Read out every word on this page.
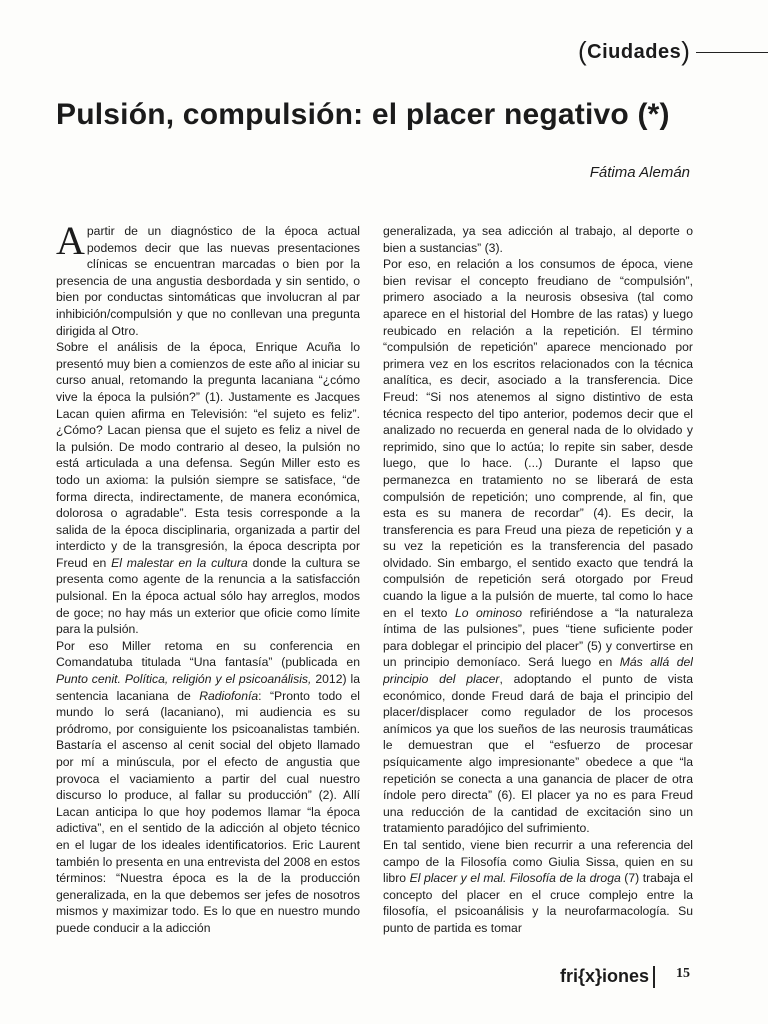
(Ciudades)
Pulsión, compulsión: el placer negativo (*)
Fátima Alemán

Apartir de un diagnóstico de la época actual podemos decir que las nuevas presentaciones clínicas se encuentran marcadas o bien por la presencia de una angustia desbordada y sin sentido, o bien por conductas sintomáticas que involucran al par inhibición/compulsión y que no conllevan una pregunta dirigida al Otro.

Sobre el análisis de la época, Enrique Acuña lo presentó muy bien a comienzos de este año al iniciar su curso anual, retomando la pregunta lacaniana “¿cómo vive la época la pulsión?” (1). Justamente es Jacques Lacan quien afirma en Televisión: “el sujeto es feliz”. ¿Cómo? Lacan piensa que el sujeto es feliz a nivel de la pulsión. De modo contrario al deseo, la pulsión no está articulada a una defensa. Según Miller esto es todo un axioma: la pulsión siempre se satisface, “de forma directa, indirectamente, de manera económica, dolorosa o agradable”. Esta tesis corresponde a la salida de la época disciplinaria, organizada a partir del interdicto y de la transgresión, la época descripta por Freud en El malestar en la cultura donde la cultura se presenta como agente de la renuncia a la satisfacción pulsional. En la época actual sólo hay arreglos, modos de goce; no hay más un exterior que oficie como límite para la pulsión.

Por eso Miller retoma en su conferencia en Comandatuba titulada “Una fantasía” (publicada en Punto cenit. Política, religión y el psicoanálisis, 2012) la sentencia lacaniana de Radiofonía: “Pronto todo el mundo lo será (lacaniano), mi audiencia es su pródromo, por consiguiente los psicoanalistas también. Bastaría el ascenso al cenit social del objeto llamado por mí a minúscula, por el efecto de angustia que provoca el vaciamiento a partir del cual nuestro discurso lo produce, al fallar su producción” (2). Allí Lacan anticipa lo que hoy podemos llamar “la época adictiva”, en el sentido de la adicción al objeto técnico en el lugar de los ideales identificatorios. Eric Laurent también lo presenta en una entrevista del 2008 en estos términos: “Nuestra época es la de la producción generalizada, en la que debemos ser jefes de nosotros mismos y maximizar todo. Es lo que en nuestro mundo puede conducir a la adicción

generalizada, ya sea adicción al trabajo, al deporte o bien a sustancias” (3).

Por eso, en relación a los consumos de época, viene bien revisar el concepto freudiano de “compulsión”, primero asociado a la neurosis obsesiva (tal como aparece en el historial del Hombre de las ratas) y luego reubicado en relación a la repetición. El término “compulsión de repetición” aparece mencionado por primera vez en los escritos relacionados con la técnica analítica, es decir, asociado a la transferencia. Dice Freud: “Si nos atenemos al signo distintivo de esta técnica respecto del tipo anterior, podemos decir que el analizado no recuerda en general nada de lo olvidado y reprimido, sino que lo actúa; lo repite sin saber, desde luego, que lo hace. (...) Durante el lapso que permanezca en tratamiento no se liberará de esta compulsión de repetición; uno comprende, al fin, que esta es su manera de recordar” (4). Es decir, la transferencia es para Freud una pieza de repetición y a su vez la repetición es la transferencia del pasado olvidado. Sin embargo, el sentido exacto que tendrá la compulsión de repetición será otorgado por Freud cuando la ligue a la pulsión de muerte, tal como lo hace en el texto Lo ominoso refiriéndose a “la naturaleza íntima de las pulsiones”, pues “tiene suficiente poder para doblegar el principio del placer” (5) y convertirse en un principio demoníaco. Será luego en Más allá del principio del placer, adoptando el punto de vista económico, donde Freud dará de baja el principio del placer/displacer como regulador de los procesos anímicos ya que los sueños de las neurosis traumáticas le demuestran que el “esfuerzo de procesar psíquicamente algo impresionante” obedece a que “la repetición se conecta a una ganancia de placer de otra índole pero directa” (6). El placer ya no es para Freud una reducción de la cantidad de excitación sino un tratamiento paradójico del sufrimiento.

En tal sentido, viene bien recurrir a una referencia del campo de la Filosofía como Giulia Sissa, quien en su libro El placer y el mal. Filosofía de la droga (7) trabaja el concepto del placer en el cruce complejo entre la filosofía, el psicoanálisis y la neurofarmacología. Su punto de partida es tomar

fri{x}iones 15
